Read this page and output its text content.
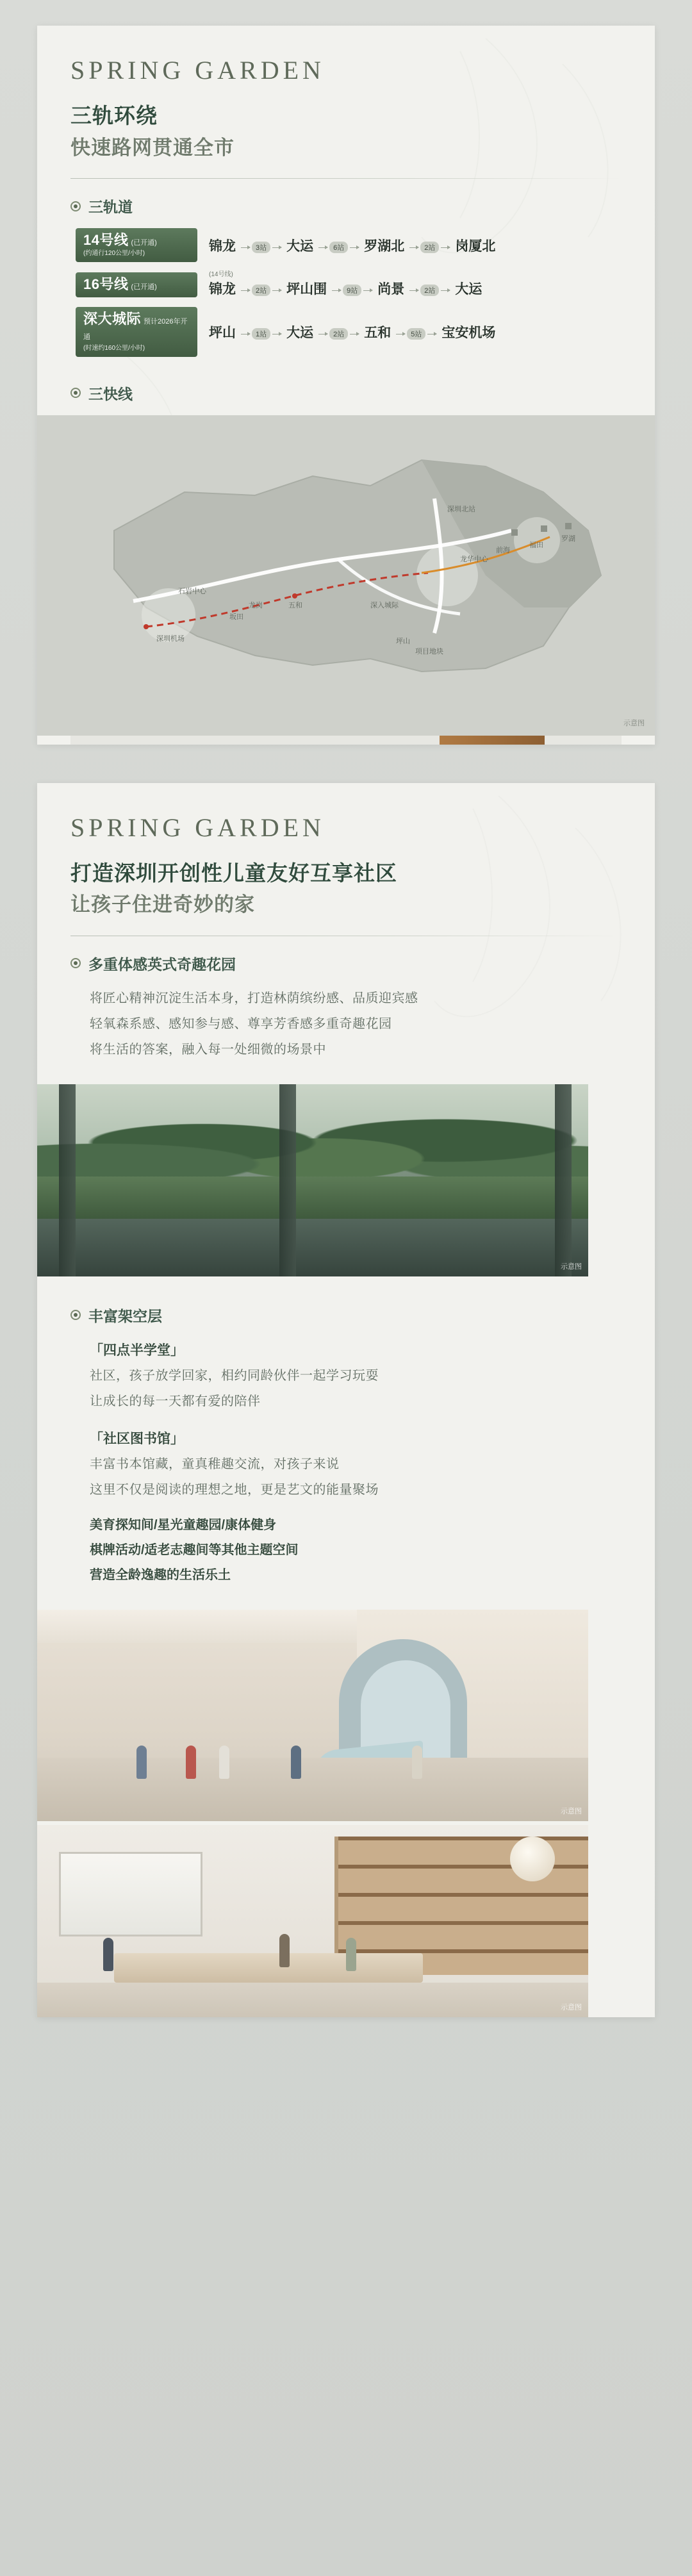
SPRING GARDEN
三轨环绕
快速路网贯通全市
三轨道
14号线 (已开通)
(约通行120公里/小时)	锦龙	3站 大运	6站 罗湖北	2站 岗厦北
16号线 (已开通)
(14号线)
锦龙	2站 坪山围	9站 尚景	2站 大运
深大城际 预计2026年开通
(时速约160公里/小时)
坪山	1站 大运	2站 五和	5站 宝安机场
三快线
深圳北站
龙华中心
石岩中心
龙岗	五和
坂田
深入城际
前海
福田
罗湖
深圳机场	坪山
项目地块
示意图
SPRING GARDEN
打造深圳开创性儿童友好互享社区
让孩子住进奇妙的家
多重体感英式奇趣花园
将匠心精神沉淀生活本身，打造林荫缤纷感、品质迎宾感
轻氧森系感、感知参与感、尊享芳香感多重奇趣花园
将生活的答案，融入每一处细微的场景中
示意图
丰富架空层
「四点半学堂」
社区，孩子放学回家，相约同龄伙伴一起学习玩耍
让成长的每一天都有爱的陪伴
「社区图书馆」
丰富书本馆藏，童真稚趣交流，对孩子来说
这里不仅是阅读的理想之地，更是艺文的能量聚场
美育探知间/星光童趣园/康体健身
棋牌活动/适老志趣间等其他主题空间
营造全龄逸趣的生活乐土
示意图
示意图
